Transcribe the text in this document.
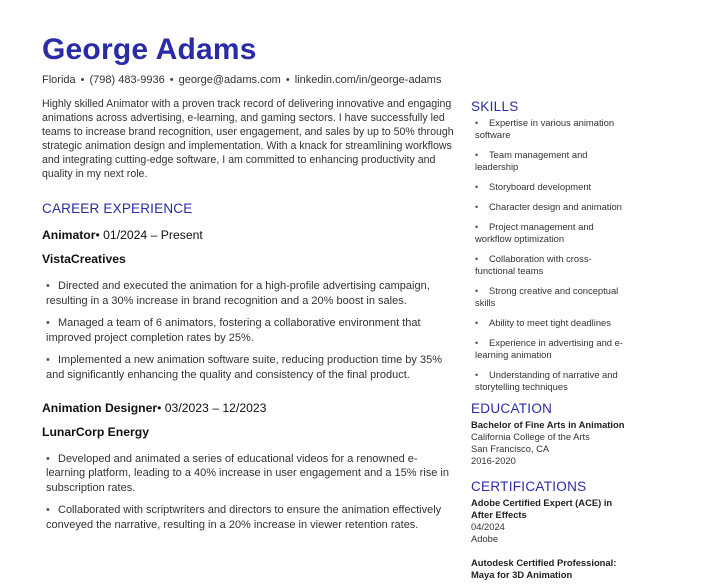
George Adams
Florida • (798) 483-9936 • george@adams.com • linkedin.com/in/george-adams
Highly skilled Animator with a proven track record of delivering innovative and engaging animations across advertising, e-learning, and gaming sectors. I have successfully led teams to increase brand recognition, user engagement, and sales by up to 50% through strategic animation design and implementation. With a knack for streamlining workflows and integrating cutting-edge software, I am committed to enhancing productivity and quality in my next role.
CAREER EXPERIENCE
Animator• 01/2024 – Present
VistaCreatives
• Directed and executed the animation for a high-profile advertising campaign, resulting in a 30% increase in brand recognition and a 20% boost in sales.
• Managed a team of 6 animators, fostering a collaborative environment that improved project completion rates by 25%.
• Implemented a new animation software suite, reducing production time by 35% and significantly enhancing the quality and consistency of the final product.
Animation Designer• 03/2023 – 12/2023
LunarCorp Energy
• Developed and animated a series of educational videos for a renowned e-learning platform, leading to a 40% increase in user engagement and a 15% rise in subscription rates.
• Collaborated with scriptwriters and directors to ensure the animation effectively conveyed the narrative, resulting in a 20% increase in viewer retention rates.
SKILLS
• Expertise in various animation software
• Team management and leadership
• Storyboard development
• Character design and animation
• Project management and workflow optimization
• Collaboration with cross-functional teams
• Strong creative and conceptual skills
• Ability to meet tight deadlines
• Experience in advertising and e-learning animation
• Understanding of narrative and storytelling techniques
EDUCATION
Bachelor of Fine Arts in Animation
California College of the Arts
San Francisco, CA
2016-2020
CERTIFICATIONS
Adobe Certified Expert (ACE) in After Effects
04/2024
Adobe
Autodesk Certified Professional: Maya for 3D Animation
